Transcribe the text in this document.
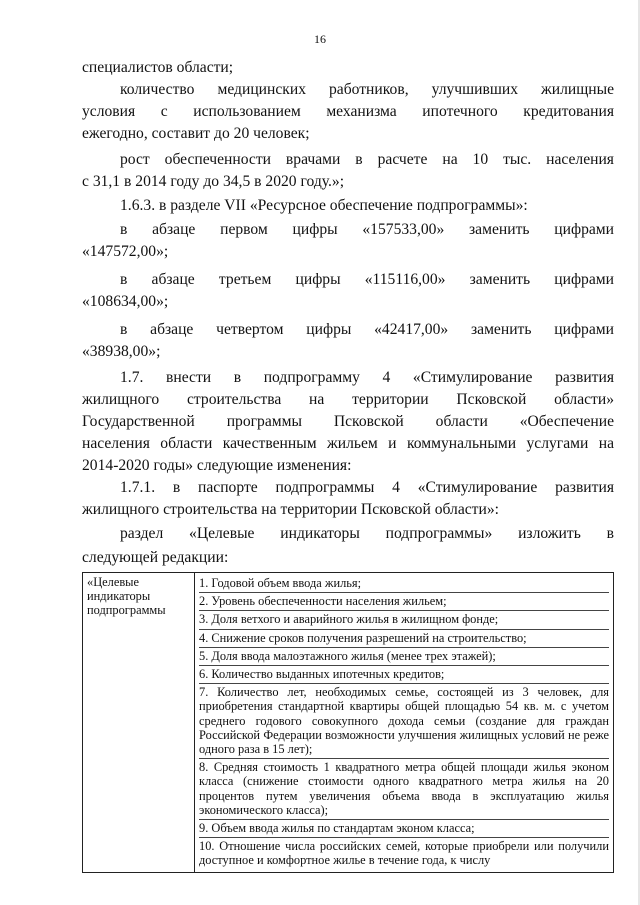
16
специалистов области;
количество медицинских работников, улучшивших жилищные
условия с использованием механизма ипотечного кредитования
ежегодно, составит до 20 человек;
рост обеспеченности врачами в расчете на 10 тыс. населения
с 31,1 в 2014 году до 34,5 в 2020 году.»;
1.6.3. в разделе VII «Ресурсное обеспечение подпрограммы»:
в абзаце первом цифры «157533,00» заменить цифрами
«147572,00»;
в абзаце третьем цифры «115116,00» заменить цифрами
«108634,00»;
в абзаце четвертом цифры «42417,00» заменить цифрами
«38938,00»;
1.7. внести в подпрограмму 4 «Стимулирование развития
жилищного строительства на территории Псковской области»
Государственной программы Псковской области «Обеспечение
населения области качественным жильем и коммунальными услугами на
2014-2020 годы» следующие изменения:
1.7.1. в паспорте подпрограммы 4 «Стимулирование развития
жилищного строительства на территории Псковской области»:
«Целевые индикаторы подпрограммы	
1. Годовой объем ввода жилья;
2. Уровень обеспеченности населения жильем;
3. Доля ветхого и аварийного жилья в жилищном фонде;
4. Снижение сроков получения разрешений на строительство;
5. Доля ввода малоэтажного жилья (менее трех этажей);
6. Количество выданных ипотечных кредитов;
7. Количество лет, необходимых семье, состоящей из 3 человек, для приобретения стандартной квартиры общей площадью 54 кв. м. с учетом среднего годового совокупного дохода семьи (создание для граждан Российской Федерации возможности улучшения жилищных условий не реже одного раза в 15 лет);
8. Средняя стоимость 1 квадратного метра общей площади жилья эконом класса (снижение стоимости одного квадратного метра жилья на 20 процентов путем увеличения объема ввода в эксплуатацию жилья экономического класса);
9. Объем ввода жилья по стандартам эконом класса;
10. Отношение числа российских семей, которые приобрели или получили доступное и комфортное жилье в течение года, к числу
раздел «Целевые индикаторы подпрограммы» изложить в
следующей редакции:
